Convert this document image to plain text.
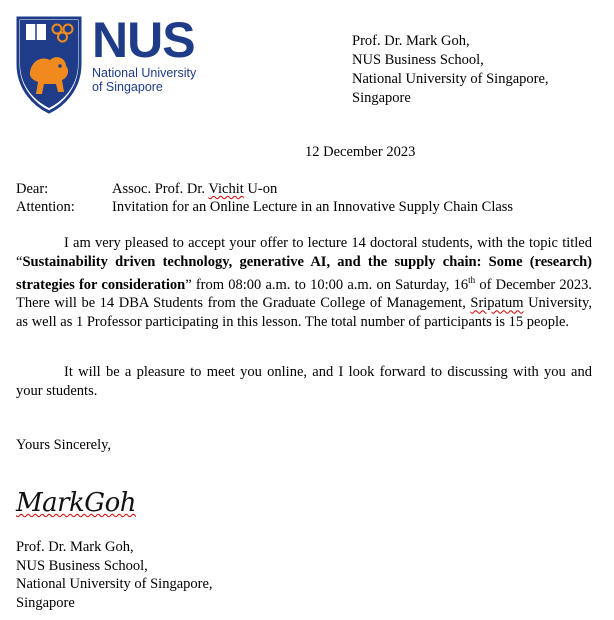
NUS
National University
of Singapore
Prof. Dr. Mark Goh,
NUS Business School,
National University of Singapore,
Singapore
12 December 2023
Dear:	Assoc. Prof. Dr. Vichit U-on
Attention:	Invitation for an Online Lecture in an Innovative Supply Chain Class
I am very pleased to accept your offer to lecture 14 doctoral students, with the topic titled “Sustainability driven technology, generative AI, and the supply chain: Some (research) strategies for consideration” from 08:00 a.m. to 10:00 a.m. on Saturday, 16th of December 2023. There will be 14 DBA Students from the Graduate College of Management, Sripatum University, as well as 1 Professor participating in this lesson. The total number of participants is 15 people.
It will be a pleasure to meet you online, and I look forward to discussing with you and your students.
Yours Sincerely,
MarkGoh
Prof. Dr. Mark Goh,
NUS Business School,
National University of Singapore,
Singapore
